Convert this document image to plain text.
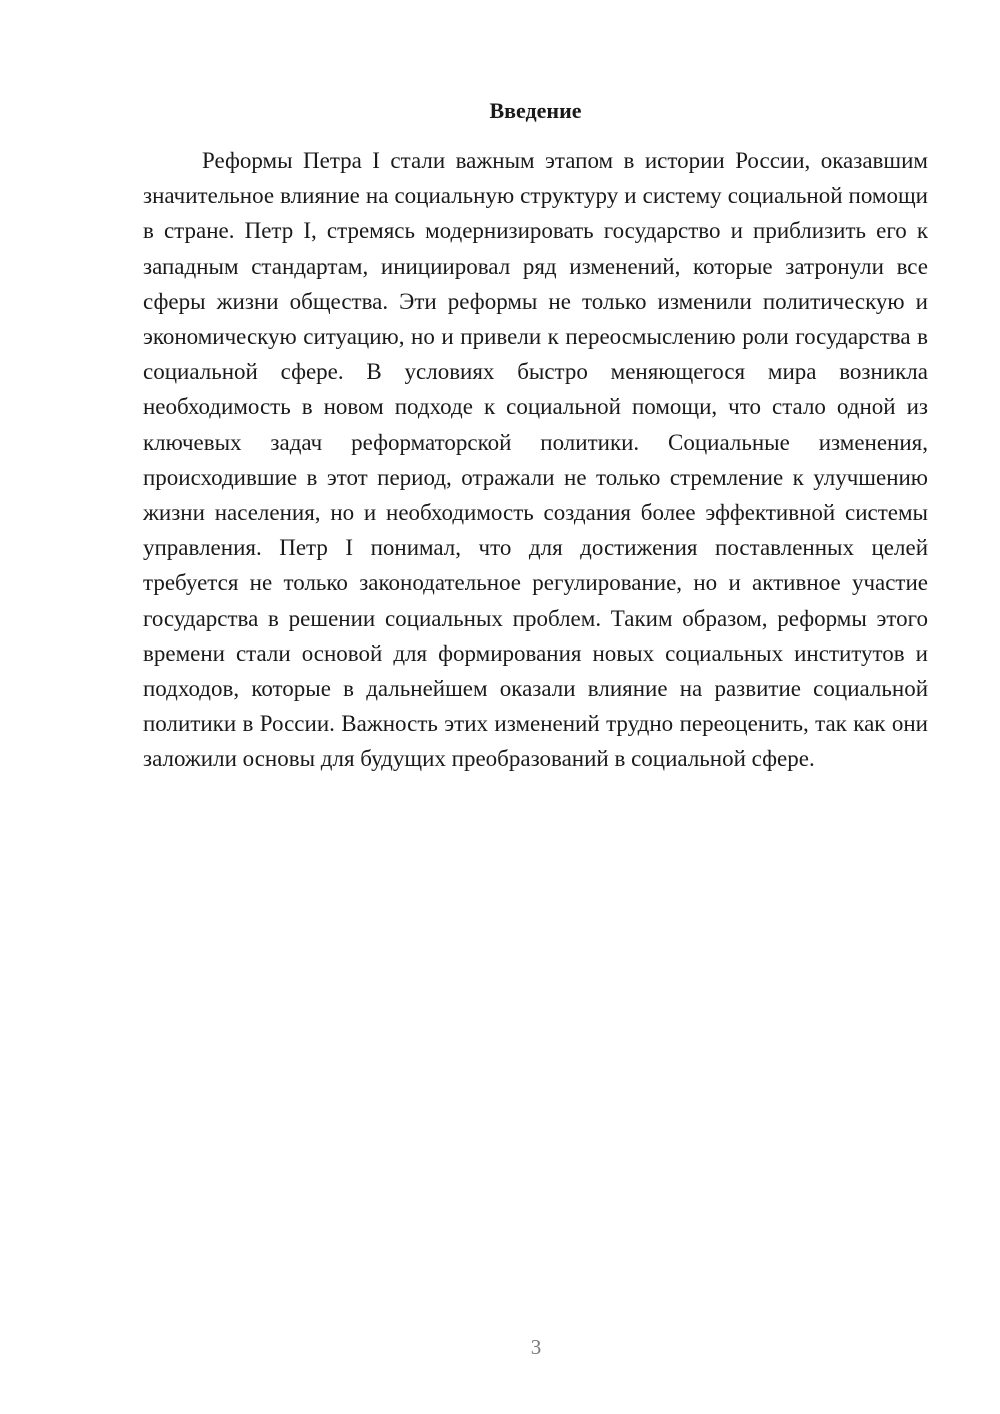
Введение

Реформы Петра I стали важным этапом в истории России, оказавшим значительное влияние на социальную структуру и систему социальной помощи в стране. Петр I, стремясь модернизировать государство и приблизить его к западным стандартам, инициировал ряд изменений, которые затронули все сферы жизни общества. Эти реформы не только изменили политическую и экономическую ситуацию, но и привели к переосмыслению роли государства в социальной сфере. В условиях быстро меняющегося мира возникла необходимость в новом подходе к социальной помощи, что стало одной из ключевых задач реформаторской политики. Социальные изменения, происходившие в этот период, отражали не только стремление к улучшению жизни населения, но и необходимость создания более эффективной системы управления. Петр I понимал, что для достижения поставленных целей требуется не только законодательное регулирование, но и активное участие государства в решении социальных проблем. Таким образом, реформы этого времени стали основой для формирования новых социальных институтов и подходов, которые в дальнейшем оказали влияние на развитие социальной политики в России. Важность этих изменений трудно переоценить, так как они заложили основы для будущих преобразований в социальной сфере.

3
